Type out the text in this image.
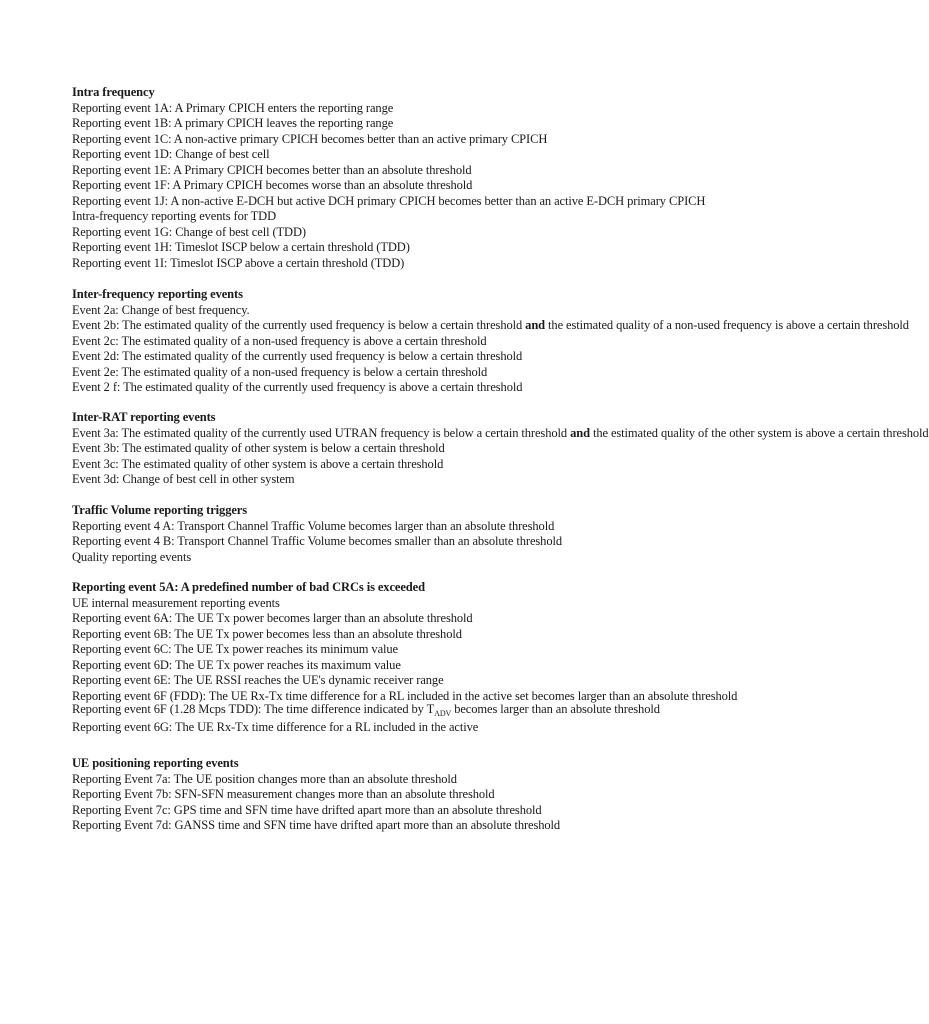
Intra frequency
Reporting event 1A: A Primary CPICH enters the reporting range
Reporting event 1B: A primary CPICH leaves the reporting range
Reporting event 1C: A non-active primary CPICH becomes better than an active primary CPICH
Reporting event 1D: Change of best cell
Reporting event 1E: A Primary CPICH becomes better than an absolute threshold
Reporting event 1F: A Primary CPICH becomes worse than an absolute threshold
Reporting event 1J: A non-active E-DCH but active DCH primary CPICH becomes better than an active E-DCH primary CPICH
Intra-frequency reporting events for TDD
Reporting event 1G: Change of best cell (TDD)
Reporting event 1H: Timeslot ISCP below a certain threshold (TDD)
Reporting event 1I: Timeslot ISCP above a certain threshold (TDD)
Inter-frequency reporting events
Event 2a: Change of best frequency.
Event 2b: The estimated quality of the currently used frequency is below a certain threshold and the estimated quality of a non-used frequency is above a certain threshold
Event 2c: The estimated quality of a non-used frequency is above a certain threshold
Event 2d: The estimated quality of the currently used frequency is below a certain threshold
Event 2e: The estimated quality of a non-used frequency is below a certain threshold
Event 2 f: The estimated quality of the currently used frequency is above a certain threshold
Inter-RAT reporting events
Event 3a: The estimated quality of the currently used UTRAN frequency is below a certain threshold and the estimated quality of the other system is above a certain threshold
Event 3b: The estimated quality of other system is below a certain threshold
Event 3c: The estimated quality of other system is above a certain threshold
Event 3d: Change of best cell in other system
Traffic Volume reporting triggers
Reporting event 4 A: Transport Channel Traffic Volume becomes larger than an absolute threshold
Reporting event 4 B: Transport Channel Traffic Volume becomes smaller than an absolute threshold
Quality reporting events
Reporting event 5A: A predefined number of bad CRCs is exceeded
UE internal measurement reporting events
Reporting event 6A: The UE Tx power becomes larger than an absolute threshold
Reporting event 6B: The UE Tx power becomes less than an absolute threshold
Reporting event 6C: The UE Tx power reaches its minimum value
Reporting event 6D: The UE Tx power reaches its maximum value
Reporting event 6E: The UE RSSI reaches the UE's dynamic receiver range
Reporting event 6F (FDD): The UE Rx-Tx time difference for a RL included in the active set becomes larger than an absolute threshold
Reporting event 6F (1.28 Mcps TDD): The time difference indicated by $T_{ADV}$ becomes larger than an absolute threshold
Reporting event 6G: The UE Rx-Tx time difference for a RL included in the active
UE positioning reporting events
Reporting Event 7a: The UE position changes more than an absolute threshold
Reporting Event 7b: SFN-SFN measurement changes more than an absolute threshold
Reporting Event 7c: GPS time and SFN time have drifted apart more than an absolute threshold
Reporting Event 7d: GANSS time and SFN time have drifted apart more than an absolute threshold
